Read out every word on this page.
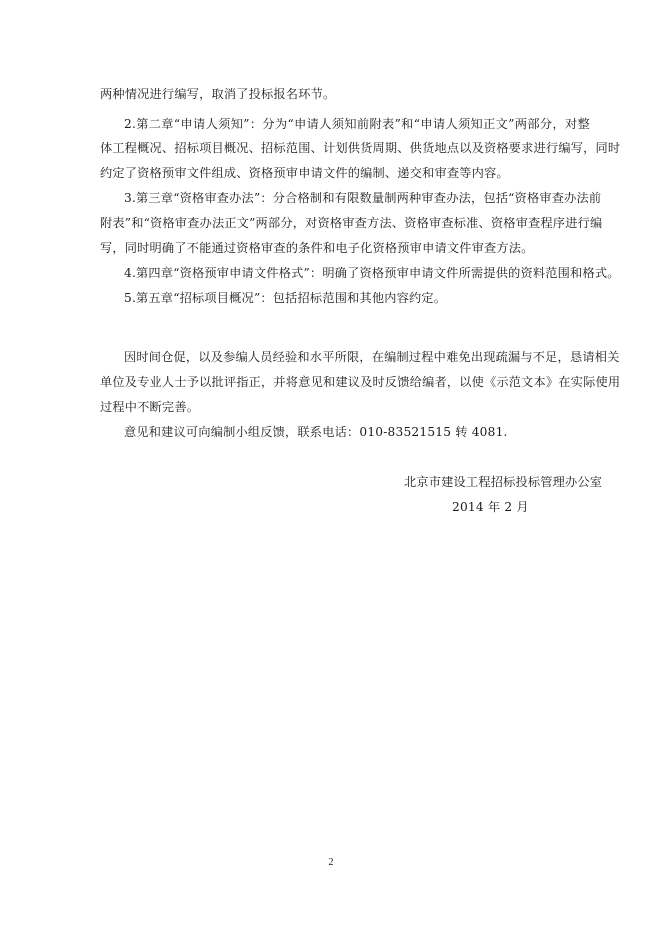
两种情况进行编写，取消了投标报名环节。
2.第二章“申请人须知”：分为“申请人须知前附表”和“申请人须知正文”两部分，对整
体工程概况、招标项目概况、招标范围、计划供货周期、供货地点以及资格要求进行编写，同时
约定了资格预审文件组成、资格预审申请文件的编制、递交和审查等内容。
3.第三章“资格审查办法”：分合格制和有限数量制两种审查办法，包括“资格审查办法前
附表”和“资格审查办法正文”两部分，对资格审查方法、资格审查标准、资格审查程序进行编
写，同时明确了不能通过资格审查的条件和电子化资格预审申请文件审查方法。
4.第四章“资格预审申请文件格式”：明确了资格预审申请文件所需提供的资料范围和格式。
5.第五章“招标项目概况”：包括招标范围和其他内容约定。
因时间仓促，以及参编人员经验和水平所限，在编制过程中难免出现疏漏与不足，恳请相关
单位及专业人士予以批评指正，并将意见和建议及时反馈给编者，以使《示范文本》在实际使用
过程中不断完善。
意见和建议可向编制小组反馈，联系电话：010-83521515 转 4081.
北京市建设工程招标投标管理办公室
2014 年 2 月
2
